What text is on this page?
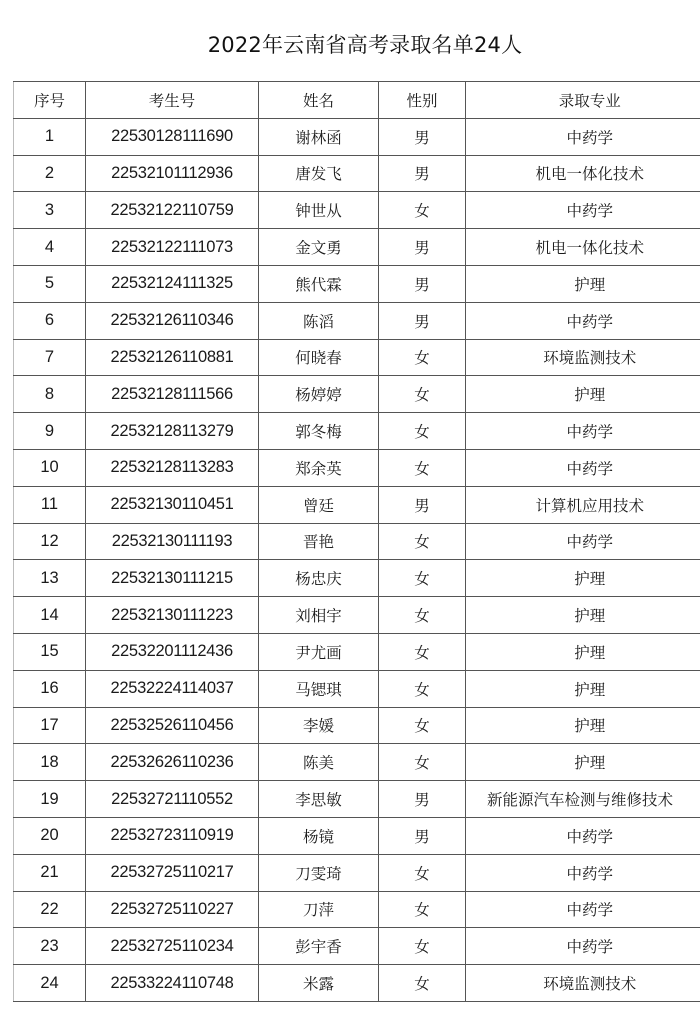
2022年云南省高考录取名单24人
序号	考生号	姓名	性别	录取专业
1	22530128111690	谢林函	男	中药学
2	22532101112936	唐发飞	男	机电一体化技术
3	22532122110759	钟世从	女	中药学
4	22532122111073	金文勇	男	机电一体化技术
5	22532124111325	熊代霖	男	护理
6	22532126110346	陈滔	男	中药学
7	22532126110881	何晓春	女	环境监测技术
8	22532128111566	杨婷婷	女	护理
9	22532128113279	郭冬梅	女	中药学
10	22532128113283	郑余英	女	中药学
11	22532130110451	曾廷	男	计算机应用技术
12	22532130111193	晋艳	女	中药学
13	22532130111215	杨忠庆	女	护理
14	22532130111223	刘相宇	女	护理
15	22532201112436	尹尤画	女	护理
16	22532224114037	马锶琪	女	护理
17	22532526110456	李媛	女	护理
18	22532626110236	陈美	女	护理
19	22532721110552	李思敏	男	新能源汽车检测与维修技术
20	22532723110919	杨镜	男	中药学
21	22532725110217	刀雯琦	女	中药学
22	22532725110227	刀萍	女	中药学
23	22532725110234	彭宇香	女	中药学
24	22533224110748	米露	女	环境监测技术
